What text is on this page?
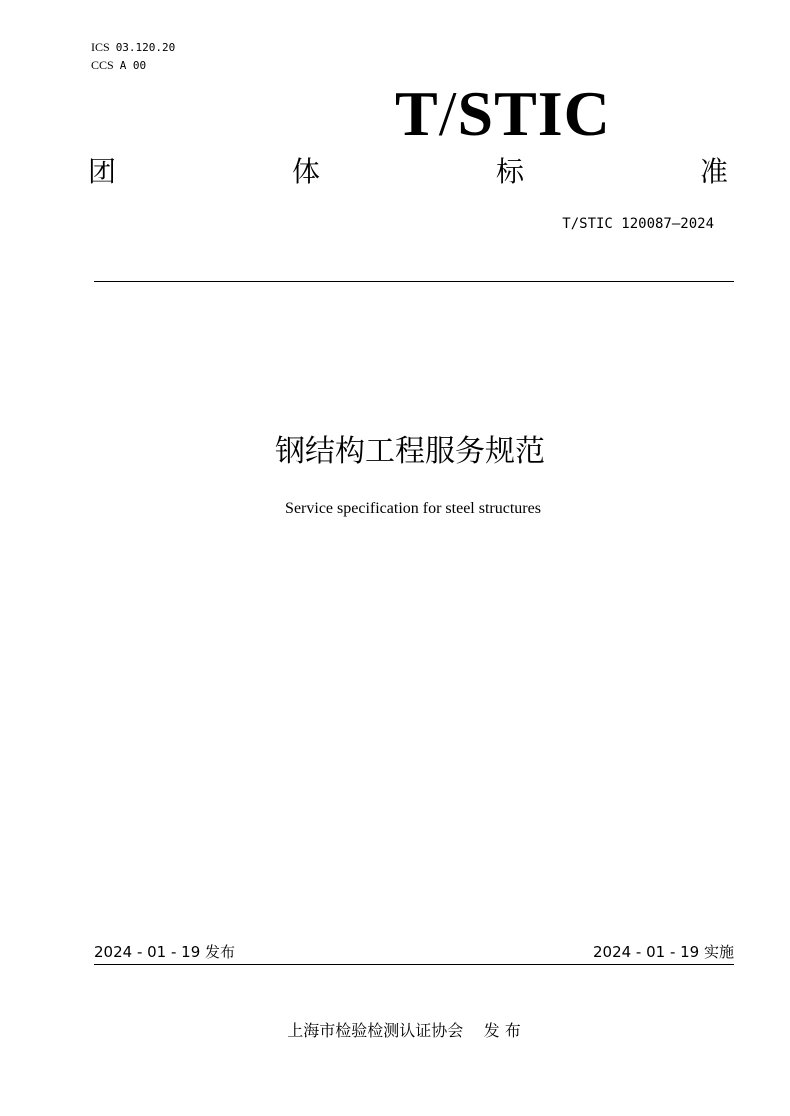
ICS 03.120.20
CCS A 00
T/STIC
团	体	标	准
T/STIC 120087—2024
钢结构工程服务规范
Service specification for steel structures
2024 - 01 - 19 发布	2024 - 01 - 19 实施
上海市检验检测认证协会    发 布
